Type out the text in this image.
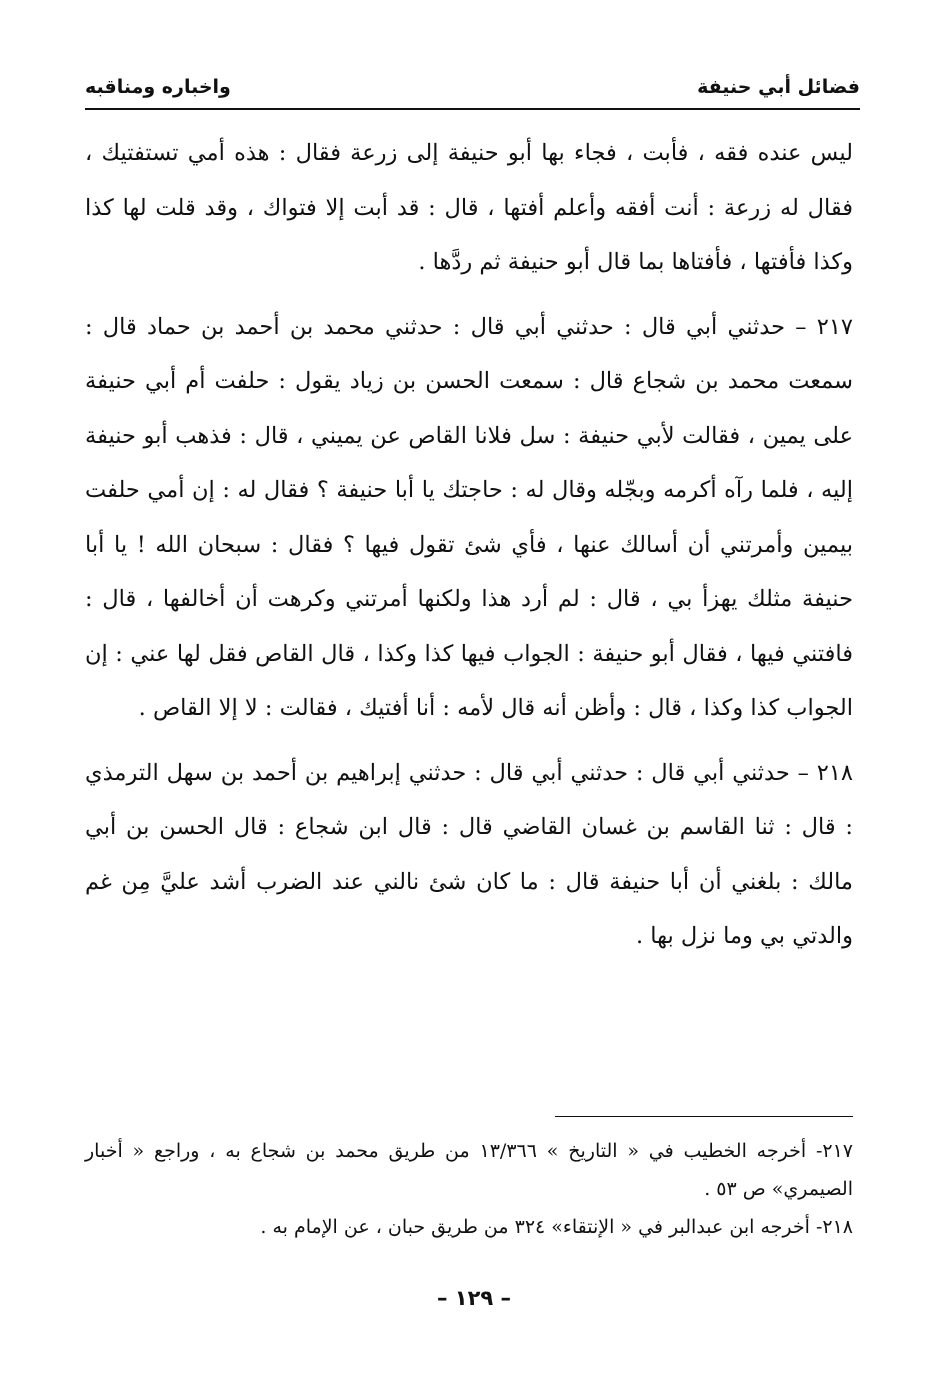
فضائل أبي حنيفة
واخباره ومناقبه

ليس عنده فقه ، فأبت ، فجاء بها أبو حنيفة إلى زرعة فقال : هذه أمي تستفتيك ، فقال له زرعة : أنت أفقه وأعلم أفتها ، قال : قد أبت إلا فتواك ، وقد قلت لها كذا وكذا فأفتها ، فأفتاها بما قال أبو حنيفة ثم ردَّها .

٢١٧ – حدثني أبي قال : حدثني أبي قال : حدثني محمد بن أحمد بن حماد قال : سمعت محمد بن شجاع قال : سمعت الحسن بن زياد يقول : حلفت أم أبي حنيفة على يمين ، فقالت لأبي حنيفة : سل فلانا القاص عن يميني ، قال : فذهب أبو حنيفة إليه ، فلما رآه أكرمه وبجّله وقال له : حاجتك يا أبا حنيفة ؟ فقال له : إن أمي حلفت بيمين وأمرتني أن أسالك عنها ، فأي شئ تقول فيها ؟ فقال : سبحان الله ! يا أبا حنيفة مثلك يهزأ بي ، قال : لم أرد هذا ولكنها أمرتني وكرهت أن أخالفها ، قال : فافتني فيها ، فقال أبو حنيفة : الجواب فيها كذا وكذا ، قال القاص فقل لها عني : إن الجواب كذا وكذا ، قال : وأظن أنه قال لأمه : أنا أفتيك ، فقالت : لا إلا القاص .

٢١٨ – حدثني أبي قال : حدثني أبي قال : حدثني إبراهيم بن أحمد بن سهل الترمذي : قال : ثنا القاسم بن غسان القاضي قال : قال ابن شجاع : قال الحسن بن أبي مالك : بلغني أن أبا حنيفة قال : ما كان شئ نالني عند الضرب أشد عليَّ مِن غم والدتي بي وما نزل بها .

٢١٧- أخرجه الخطيب في « التاريخ » ١٣/٣٦٦ من طريق محمد بن شجاع به ، وراجع « أخبار الصيمري» ص ٥٣ .

٢١٨- أخرجه ابن عبدالبر في « الإنتقاء» ٣٢٤ من طريق حبان ، عن الإمام به .

– ١٢٩ –
